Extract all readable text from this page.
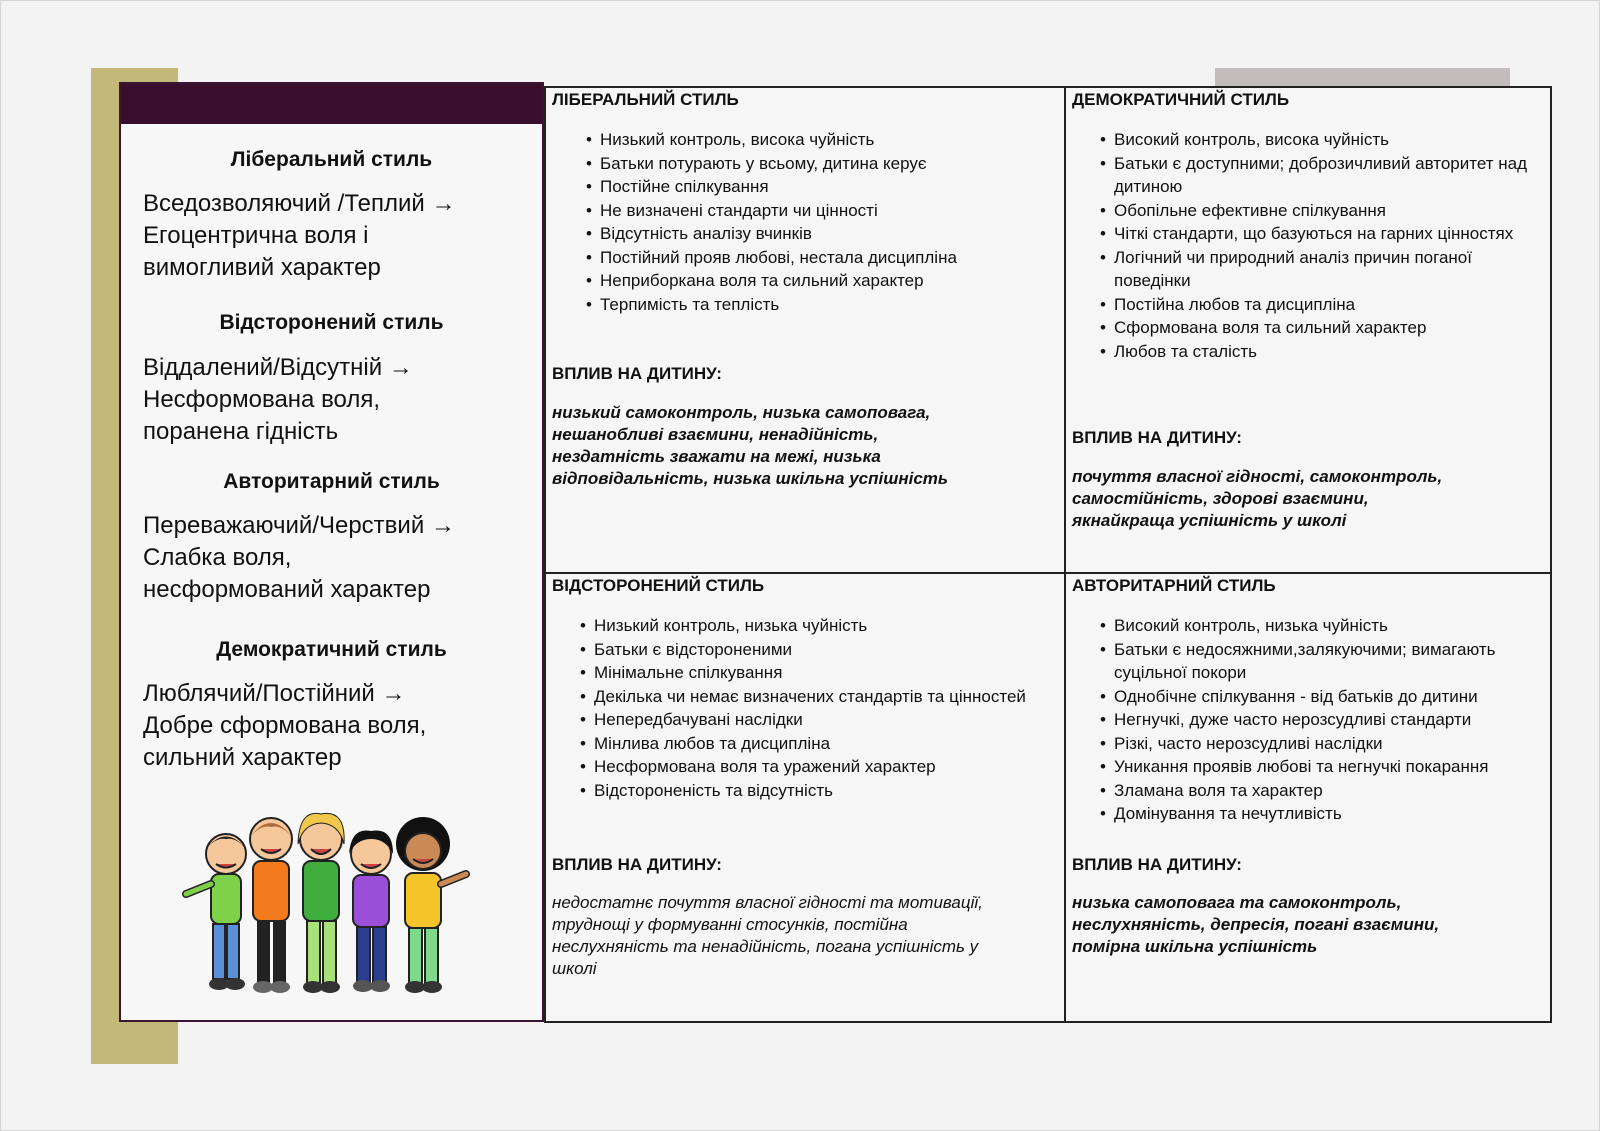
Ліберальний стиль
Вседозволяючий /Теплий →
Егоцентрична воля і
вимогливий характер
Відсторонений стиль
Віддалений/Відсутній →
Несформована воля,
поранена гідність
Авторитарний стиль
Переважаючий/Черствий →
Слабка воля,
несформований характер
Демократичний стиль
Люблячий/Постійний →
Добре сформована воля,
сильний характер
ЛІБЕРАЛЬНИЙ СТИЛЬ
• Низький контроль, висока чуйність
• Батьки потурають у всьому, дитина керує
• Постійне спілкування
• Не визначені стандарти чи цінності
• Відсутність аналізу вчинків
• Постійний прояв любові, нестала дисципліна
• Неприборкана воля та сильний характер
• Терпимість та теплість
ВПЛИВ НА ДИТИНУ:
низький самоконтроль, низька самоповага,
нешанобливі взаємини, ненадійність,
нездатність зважати на межі, низька
відповідальність, низька шкільна успішність
ДЕМОКРАТИЧНИЙ СТИЛЬ
• Високий контроль, висока чуйність
• Батьки є доступними; доброзичливий авторитет над дитиною
• Обопільне ефективне спілкування
• Чіткі стандарти, що базуються на гарних цінностях
• Логічний чи природний аналіз причин поганої поведінки
• Постійна любов та дисципліна
• Сформована воля та сильний характер
• Любов та сталість
ВПЛИВ НА ДИТИНУ:
почуття власної гідності, самоконтроль,
самостійність, здорові взаємини,
якнайкраща успішність у школі
ВІДСТОРОНЕНИЙ СТИЛЬ
• Низький контроль, низька чуйність
• Батьки є відстороненими
• Мінімальне спілкування
• Декілька чи немає визначених стандартів та цінностей
• Непередбачувані наслідки
• Мінлива любов та дисципліна
• Несформована воля та уражений характер
• Відстороненість та відсутність
ВПЛИВ НА ДИТИНУ:
недостатнє почуття власної гідності та мотивації,
труднощі у формуванні стосунків, постійна
неслухняність та ненадійність, погана успішність у
школі
АВТОРИТАРНИЙ СТИЛЬ
• Високий контроль, низька чуйність
• Батьки є недосяжними,залякуючими; вимагають суцільної покори
• Однобічне спілкування - від батьків до дитини
• Негнучкі, дуже часто нерозсудливі стандарти
• Різкі, часто нерозсудливі наслідки
• Уникання проявів любові та негнучкі покарання
• Зламана воля та характер
• Домінування та нечутливість
ВПЛИВ НА ДИТИНУ:
низька самоповага та самоконтроль,
неслухняність, депресія, погані взаємини,
помірна шкільна успішність
